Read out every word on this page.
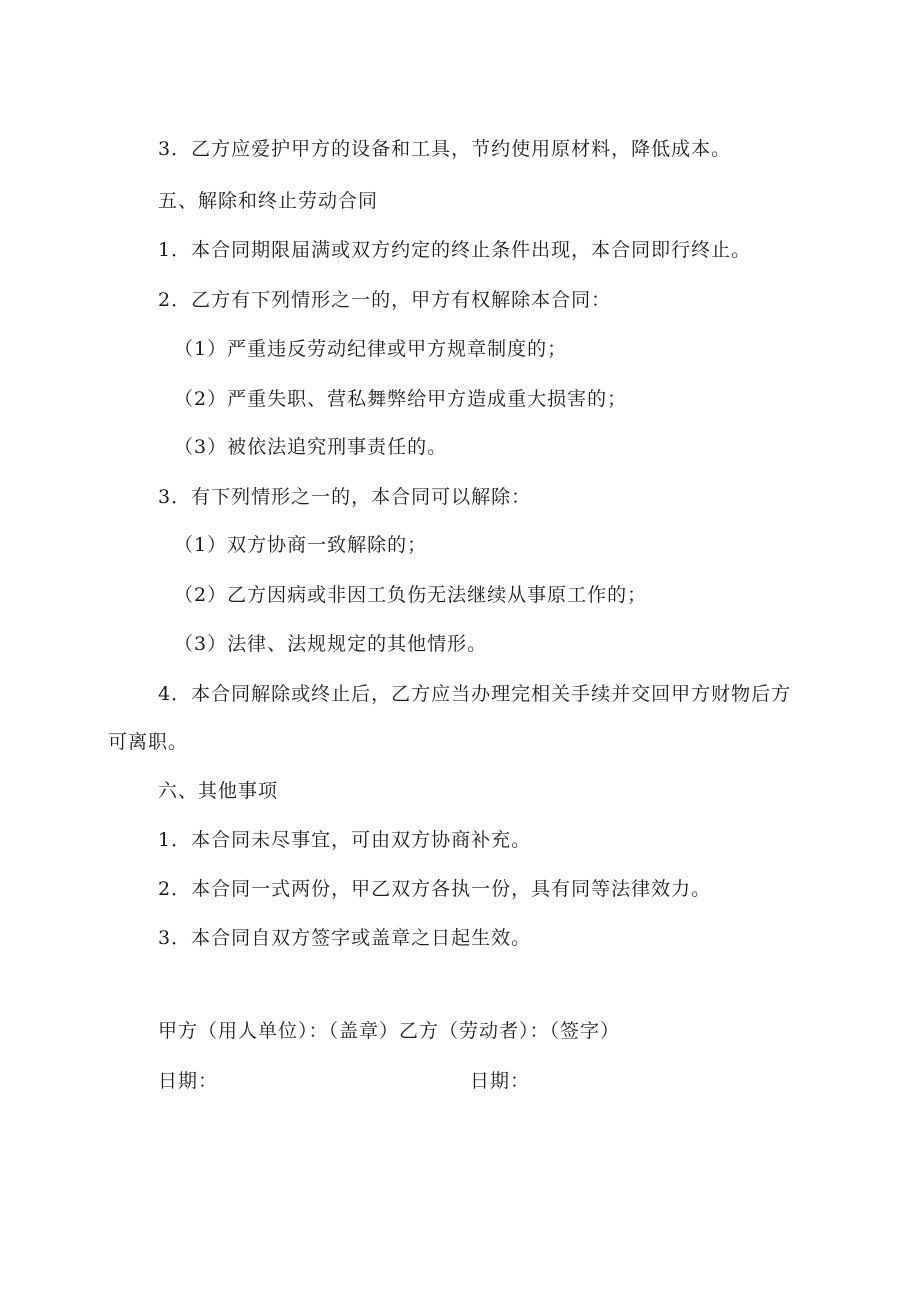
3．乙方应爱护甲方的设备和工具，节约使用原材料，降低成本。
五、解除和终止劳动合同
1．本合同期限届满或双方约定的终止条件出现，本合同即行终止。
2．乙方有下列情形之一的，甲方有权解除本合同：
（1）严重违反劳动纪律或甲方规章制度的；
（2）严重失职、营私舞弊给甲方造成重大损害的；
（3）被依法追究刑事责任的。
3．有下列情形之一的，本合同可以解除：
（1）双方协商一致解除的；
（2）乙方因病或非因工负伤无法继续从事原工作的；
（3）法律、法规规定的其他情形。
4．本合同解除或终止后，乙方应当办理完相关手续并交回甲方财物后方
可离职。
六、其他事项
1．本合同未尽事宜，可由双方协商补充。
2．本合同一式两份，甲乙双方各执一份，具有同等法律效力。
3．本合同自双方签字或盖章之日起生效。
甲方（用人单位）：（盖章）乙方（劳动者）：（签字）
日期：	日期：
